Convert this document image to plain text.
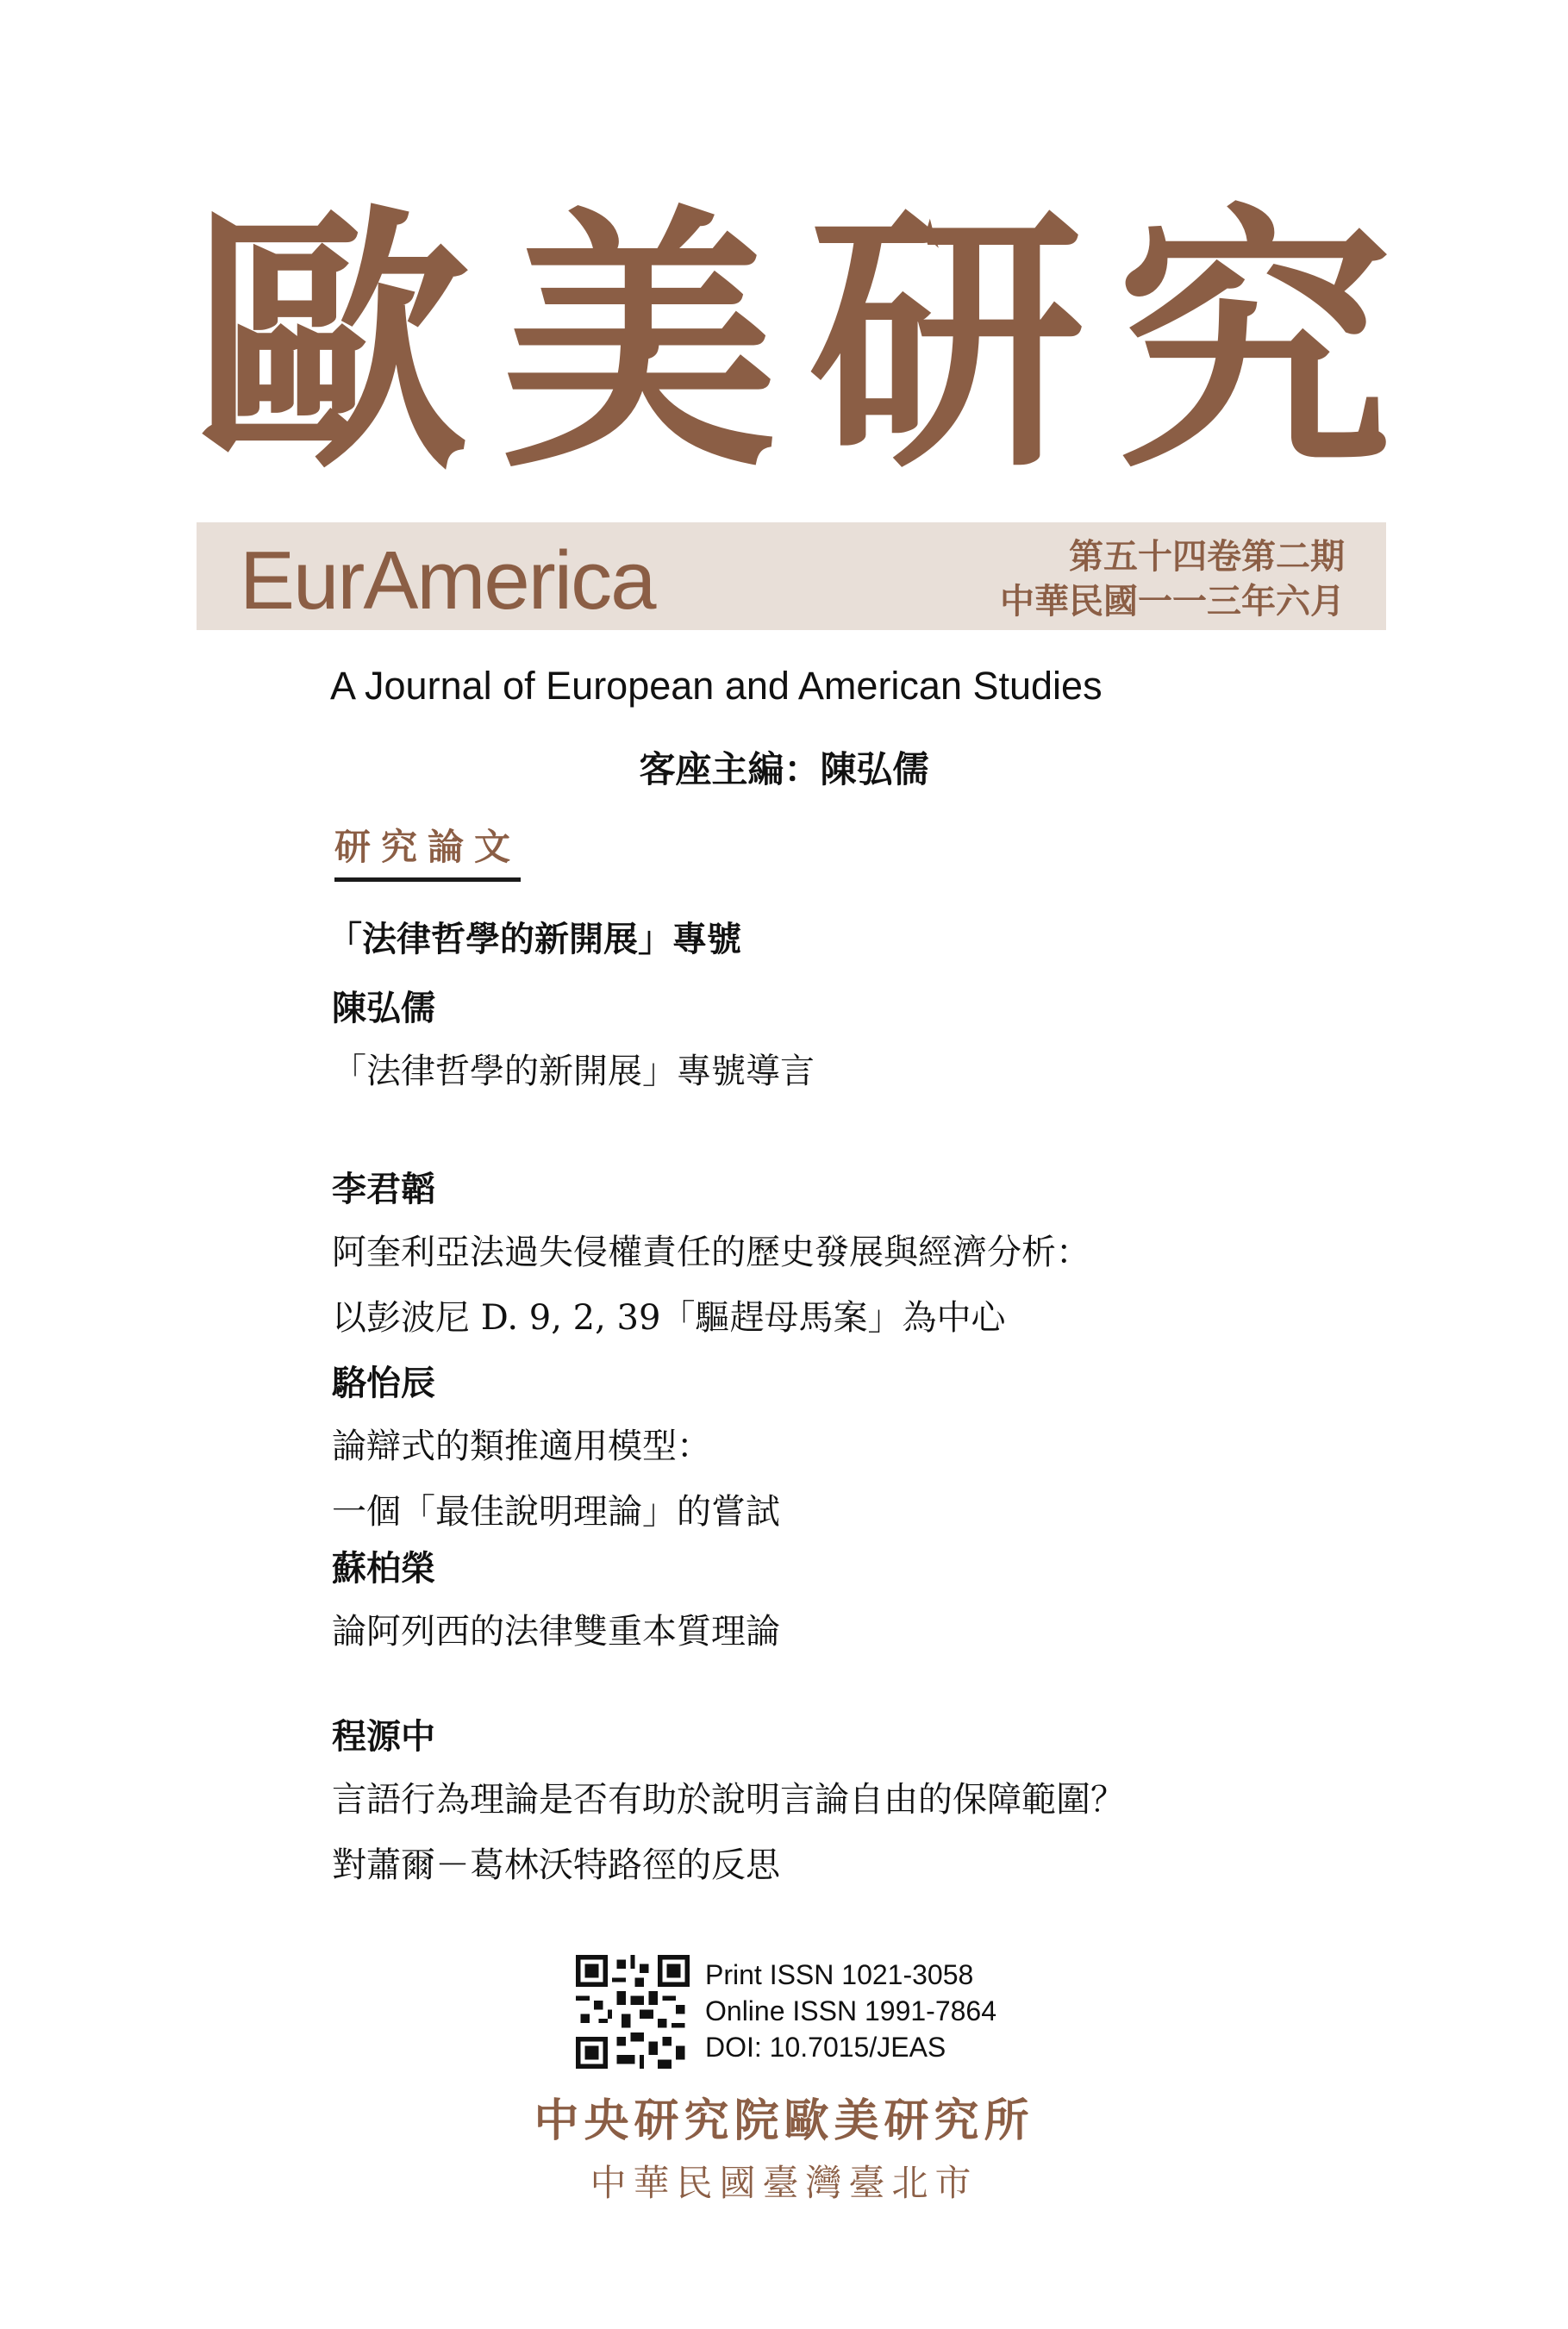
歐 美 研 究
EurAmerica	第五十四卷第二期
中華民國一一三年六月
A Journal of European and American Studies
客座主編：陳弘儒
研究論文
「法律哲學的新開展」專號
陳弘儒
「法律哲學的新開展」專號導言
李君韜
阿奎利亞法過失侵權責任的歷史發展與經濟分析：
以彭波尼 D. 9, 2, 39「驅趕母馬案」為中心
駱怡辰
論辯式的類推適用模型：
一個「最佳說明理論」的嘗試
蘇柏榮
論阿列西的法律雙重本質理論
程源中
言語行為理論是否有助於說明言論自由的保障範圍？
對蕭爾－葛林沃特路徑的反思
Print ISSN 1021-3058
Online ISSN 1991-7864
DOI: 10.7015/JEAS
中央研究院歐美研究所
中華民國臺灣臺北市
